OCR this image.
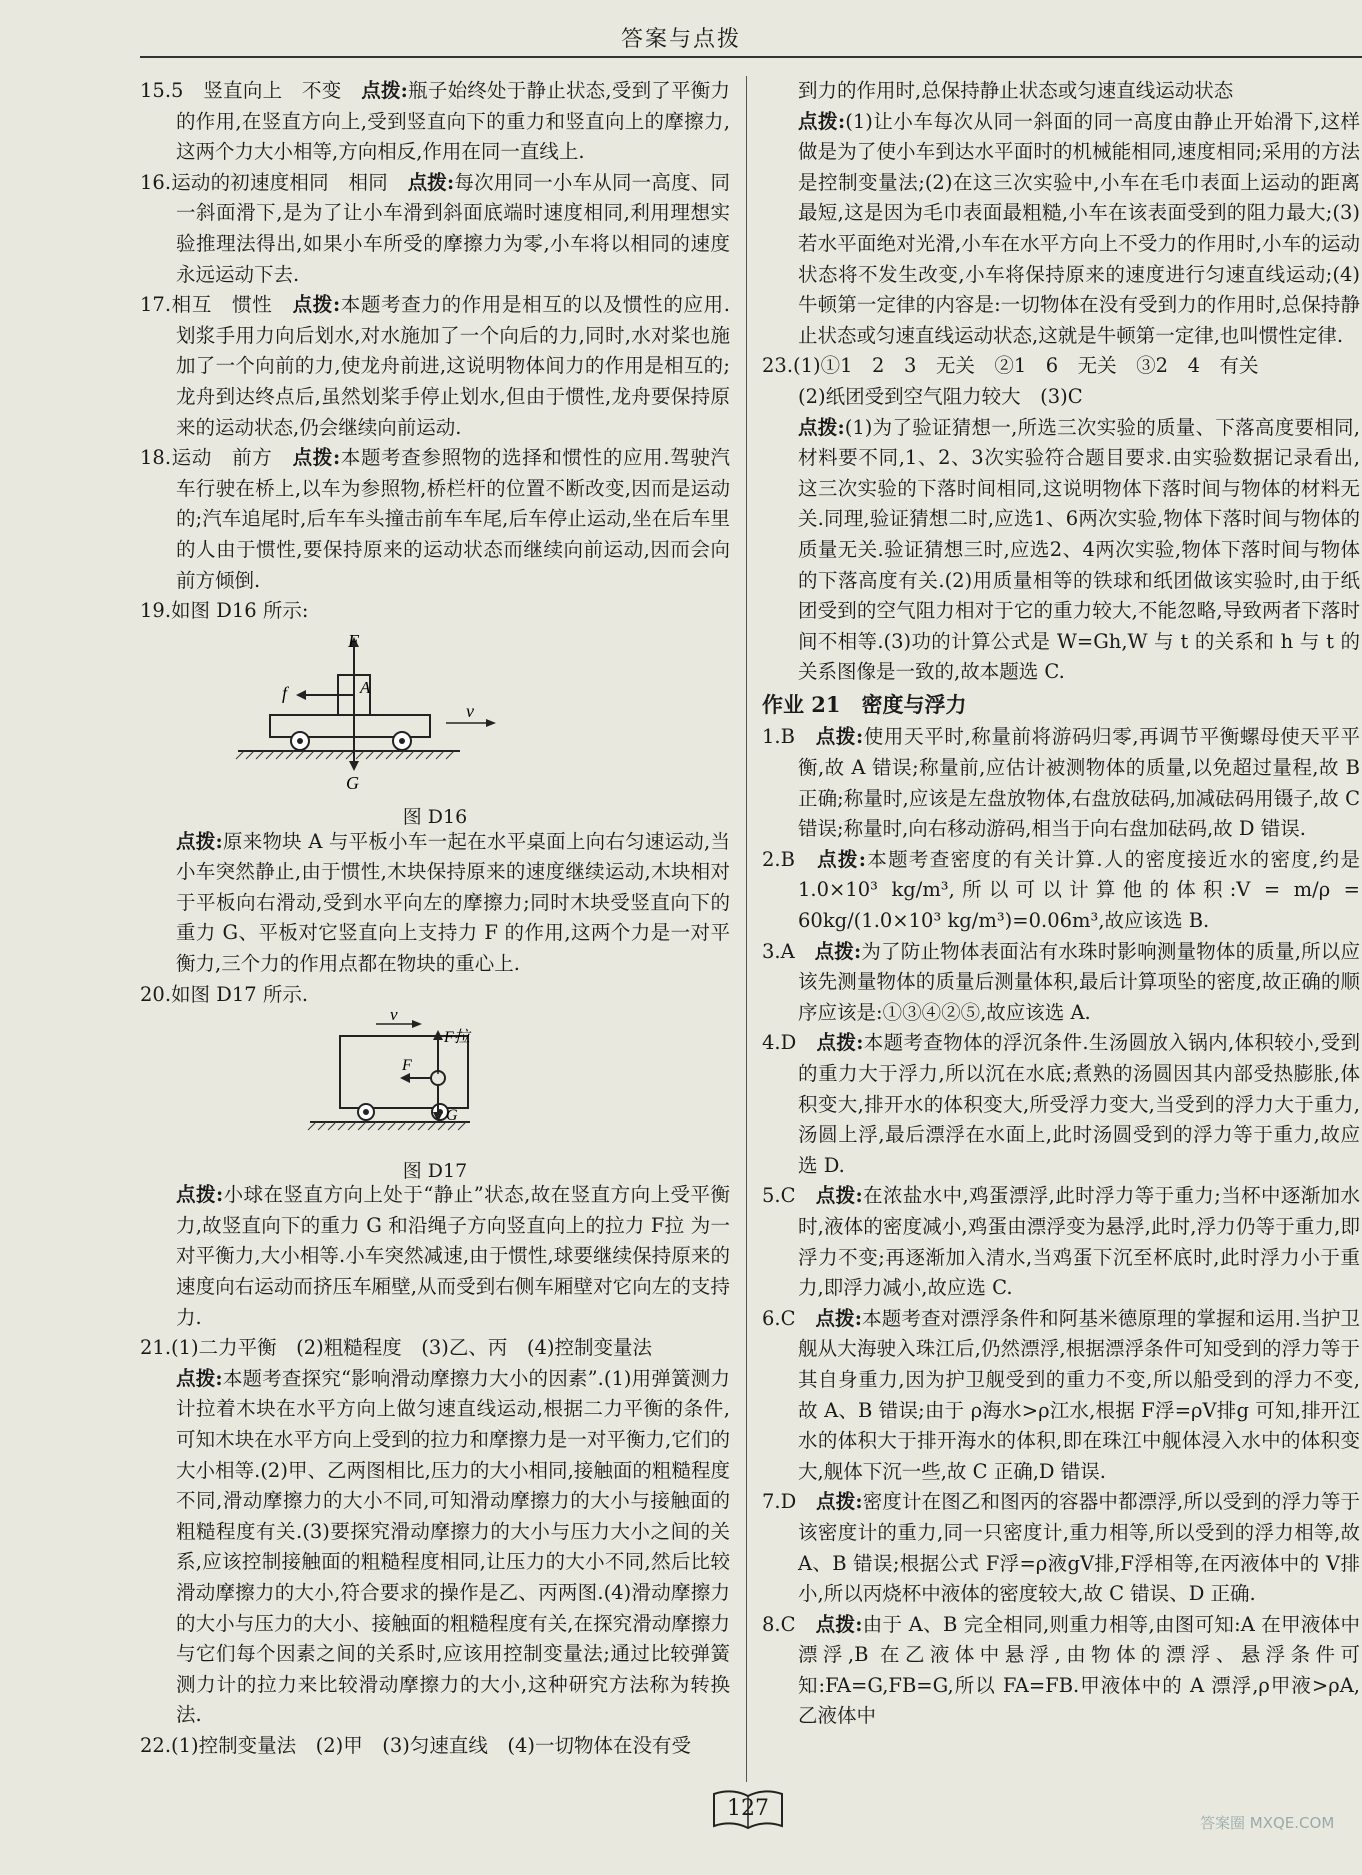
答案与点拨

15.5　竖直向上　不变　点拨:瓶子始终处于静止状态,受到了平衡力的作用,在竖直方向上,受到竖直向下的重力和竖直向上的摩擦力,这两个力大小相等,方向相反,作用在同一直线上.

16.运动的初速度相同　相同　点拨:每次用同一小车从同一高度、同一斜面滑下,是为了让小车滑到斜面底端时速度相同,利用理想实验推理法得出,如果小车所受的摩擦力为零,小车将以相同的速度永远运动下去.

17.相互　惯性　点拨:本题考查力的作用是相互的以及惯性的应用.划浆手用力向后划水,对水施加了一个向后的力,同时,水对桨也施加了一个向前的力,使龙舟前进,这说明物体间力的作用是相互的;龙舟到达终点后,虽然划桨手停止划水,但由于惯性,龙舟要保持原来的运动状态,仍会继续向前运动.

18.运动　前方　点拨:本题考查参照物的选择和惯性的应用.驾驶汽车行驶在桥上,以车为参照物,桥栏杆的位置不断改变,因而是运动的;汽车追尾时,后车车头撞击前车车尾,后车停止运动,坐在后车里的人由于惯性,要保持原来的运动状态而继续向前运动,因而会向前方倾倒.

19.如图 D16 所示:

F
A
f
v
G
图 D16

点拨:原来物块 A 与平板小车一起在水平桌面上向右匀速运动,当小车突然静止,由于惯性,木块保持原来的速度继续运动,木块相对于平板向右滑动,受到水平向左的摩擦力;同时木块受竖直向下的重力 G、平板对它竖直向上支持力 F 的作用,这两个力是一对平衡力,三个力的作用点都在物块的重心上.

20.如图 D17 所示.

v
F拉
F
G
图 D17

点拨:小球在竖直方向上处于“静止”状态,故在竖直方向上受平衡力,故竖直向下的重力 G 和沿绳子方向竖直向上的拉力 F拉 为一对平衡力,大小相等.小车突然减速,由于惯性,球要继续保持原来的速度向右运动而挤压车厢壁,从而受到右侧车厢壁对它向左的支持力.

21.(1)二力平衡　(2)粗糙程度　(3)乙、丙　(4)控制变量法

点拨:本题考查探究“影响滑动摩擦力大小的因素”.(1)用弹簧测力计拉着木块在水平方向上做匀速直线运动,根据二力平衡的条件,可知木块在水平方向上受到的拉力和摩擦力是一对平衡力,它们的大小相等.(2)甲、乙两图相比,压力的大小相同,接触面的粗糙程度不同,滑动摩擦力的大小不同,可知滑动摩擦力的大小与接触面的粗糙程度有关.(3)要探究滑动摩擦力的大小与压力大小之间的关系,应该控制接触面的粗糙程度相同,让压力的大小不同,然后比较滑动摩擦力的大小,符合要求的操作是乙、丙两图.(4)滑动摩擦力的大小与压力的大小、接触面的粗糙程度有关,在探究滑动摩擦力与它们每个因素之间的关系时,应该用控制变量法;通过比较弹簧测力计的拉力来比较滑动摩擦力的大小,这种研究方法称为转换法.

22.(1)控制变量法　(2)甲　(3)匀速直线　(4)一切物体在没有受

到力的作用时,总保持静止状态或匀速直线运动状态

点拨:(1)让小车每次从同一斜面的同一高度由静止开始滑下,这样做是为了使小车到达水平面时的机械能相同,速度相同;采用的方法是控制变量法;(2)在这三次实验中,小车在毛巾表面上运动的距离最短,这是因为毛巾表面最粗糙,小车在该表面受到的阻力最大;(3)若水平面绝对光滑,小车在水平方向上不受力的作用时,小车的运动状态将不发生改变,小车将保持原来的速度进行匀速直线运动;(4)牛顿第一定律的内容是:一切物体在没有受到力的作用时,总保持静止状态或匀速直线运动状态,这就是牛顿第一定律,也叫惯性定律.

23.(1)①1　2　3　无关　②1　6　无关　③2　4　有关

(2)纸团受到空气阻力较大　(3)C

点拨:(1)为了验证猜想一,所选三次实验的质量、下落高度要相同,材料要不同,1、2、3次实验符合题目要求.由实验数据记录看出,这三次实验的下落时间相同,这说明物体下落时间与物体的材料无关.同理,验证猜想二时,应选1、6两次实验,物体下落时间与物体的质量无关.验证猜想三时,应选2、4两次实验,物体下落时间与物体的下落高度有关.(2)用质量相等的铁球和纸团做该实验时,由于纸团受到的空气阻力相对于它的重力较大,不能忽略,导致两者下落时间不相等.(3)功的计算公式是 W=Gh,W 与 t 的关系和 h 与 t 的关系图像是一致的,故本题选 C.

作业 21　密度与浮力

1.B　点拨:使用天平时,称量前将游码归零,再调节平衡螺母使天平平衡,故 A 错误;称量前,应估计被测物体的质量,以免超过量程,故 B 正确;称量时,应该是左盘放物体,右盘放砝码,加减砝码用镊子,故 C 错误;称量时,向右移动游码,相当于向右盘加砝码,故 D 错误.

2.B　点拨:本题考查密度的有关计算.人的密度接近水的密度,约是 1.0×10³ kg/m³,所以可以计算他的体积:V = m/ρ = 60kg/(1.0×10³ kg/m³)=0.06m³,故应该选 B.

3.A　点拨:为了防止物体表面沾有水珠时影响测量物体的质量,所以应该先测量物体的质量后测量体积,最后计算项坠的密度,故正确的顺序应该是:①③④②⑤,故应该选 A.

4.D　点拨:本题考查物体的浮沉条件.生汤圆放入锅内,体积较小,受到的重力大于浮力,所以沉在水底;煮熟的汤圆因其内部受热膨胀,体积变大,排开水的体积变大,所受浮力变大,当受到的浮力大于重力,汤圆上浮,最后漂浮在水面上,此时汤圆受到的浮力等于重力,故应选 D.

5.C　点拨:在浓盐水中,鸡蛋漂浮,此时浮力等于重力;当杯中逐渐加水时,液体的密度减小,鸡蛋由漂浮变为悬浮,此时,浮力仍等于重力,即浮力不变;再逐渐加入清水,当鸡蛋下沉至杯底时,此时浮力小于重力,即浮力减小,故应选 C.

6.C　点拨:本题考查对漂浮条件和阿基米德原理的掌握和运用.当护卫舰从大海驶入珠江后,仍然漂浮,根据漂浮条件可知受到的浮力等于其自身重力,因为护卫舰受到的重力不变,所以船受到的浮力不变,故 A、B 错误;由于 ρ海水>ρ江水,根据 F浮=ρV排g 可知,排开江水的体积大于排开海水的体积,即在珠江中舰体浸入水中的体积变大,舰体下沉一些,故 C 正确,D 错误.

7.D　点拨:密度计在图乙和图丙的容器中都漂浮,所以受到的浮力等于该密度计的重力,同一只密度计,重力相等,所以受到的浮力相等,故 A、B 错误;根据公式 F浮=ρ液gV排,F浮相等,在丙液体中的 V排小,所以丙烧杯中液体的密度较大,故 C 错误、D 正确.

8.C　点拨:由于 A、B 完全相同,则重力相等,由图可知:A 在甲液体中漂浮,B 在乙液体中悬浮,由物体的漂浮、悬浮条件可知:FA=G,FB=G,所以 FA=FB.甲液体中的 A 漂浮,ρ甲液>ρA,乙液体中

127
答案圈 MXQE.COM
